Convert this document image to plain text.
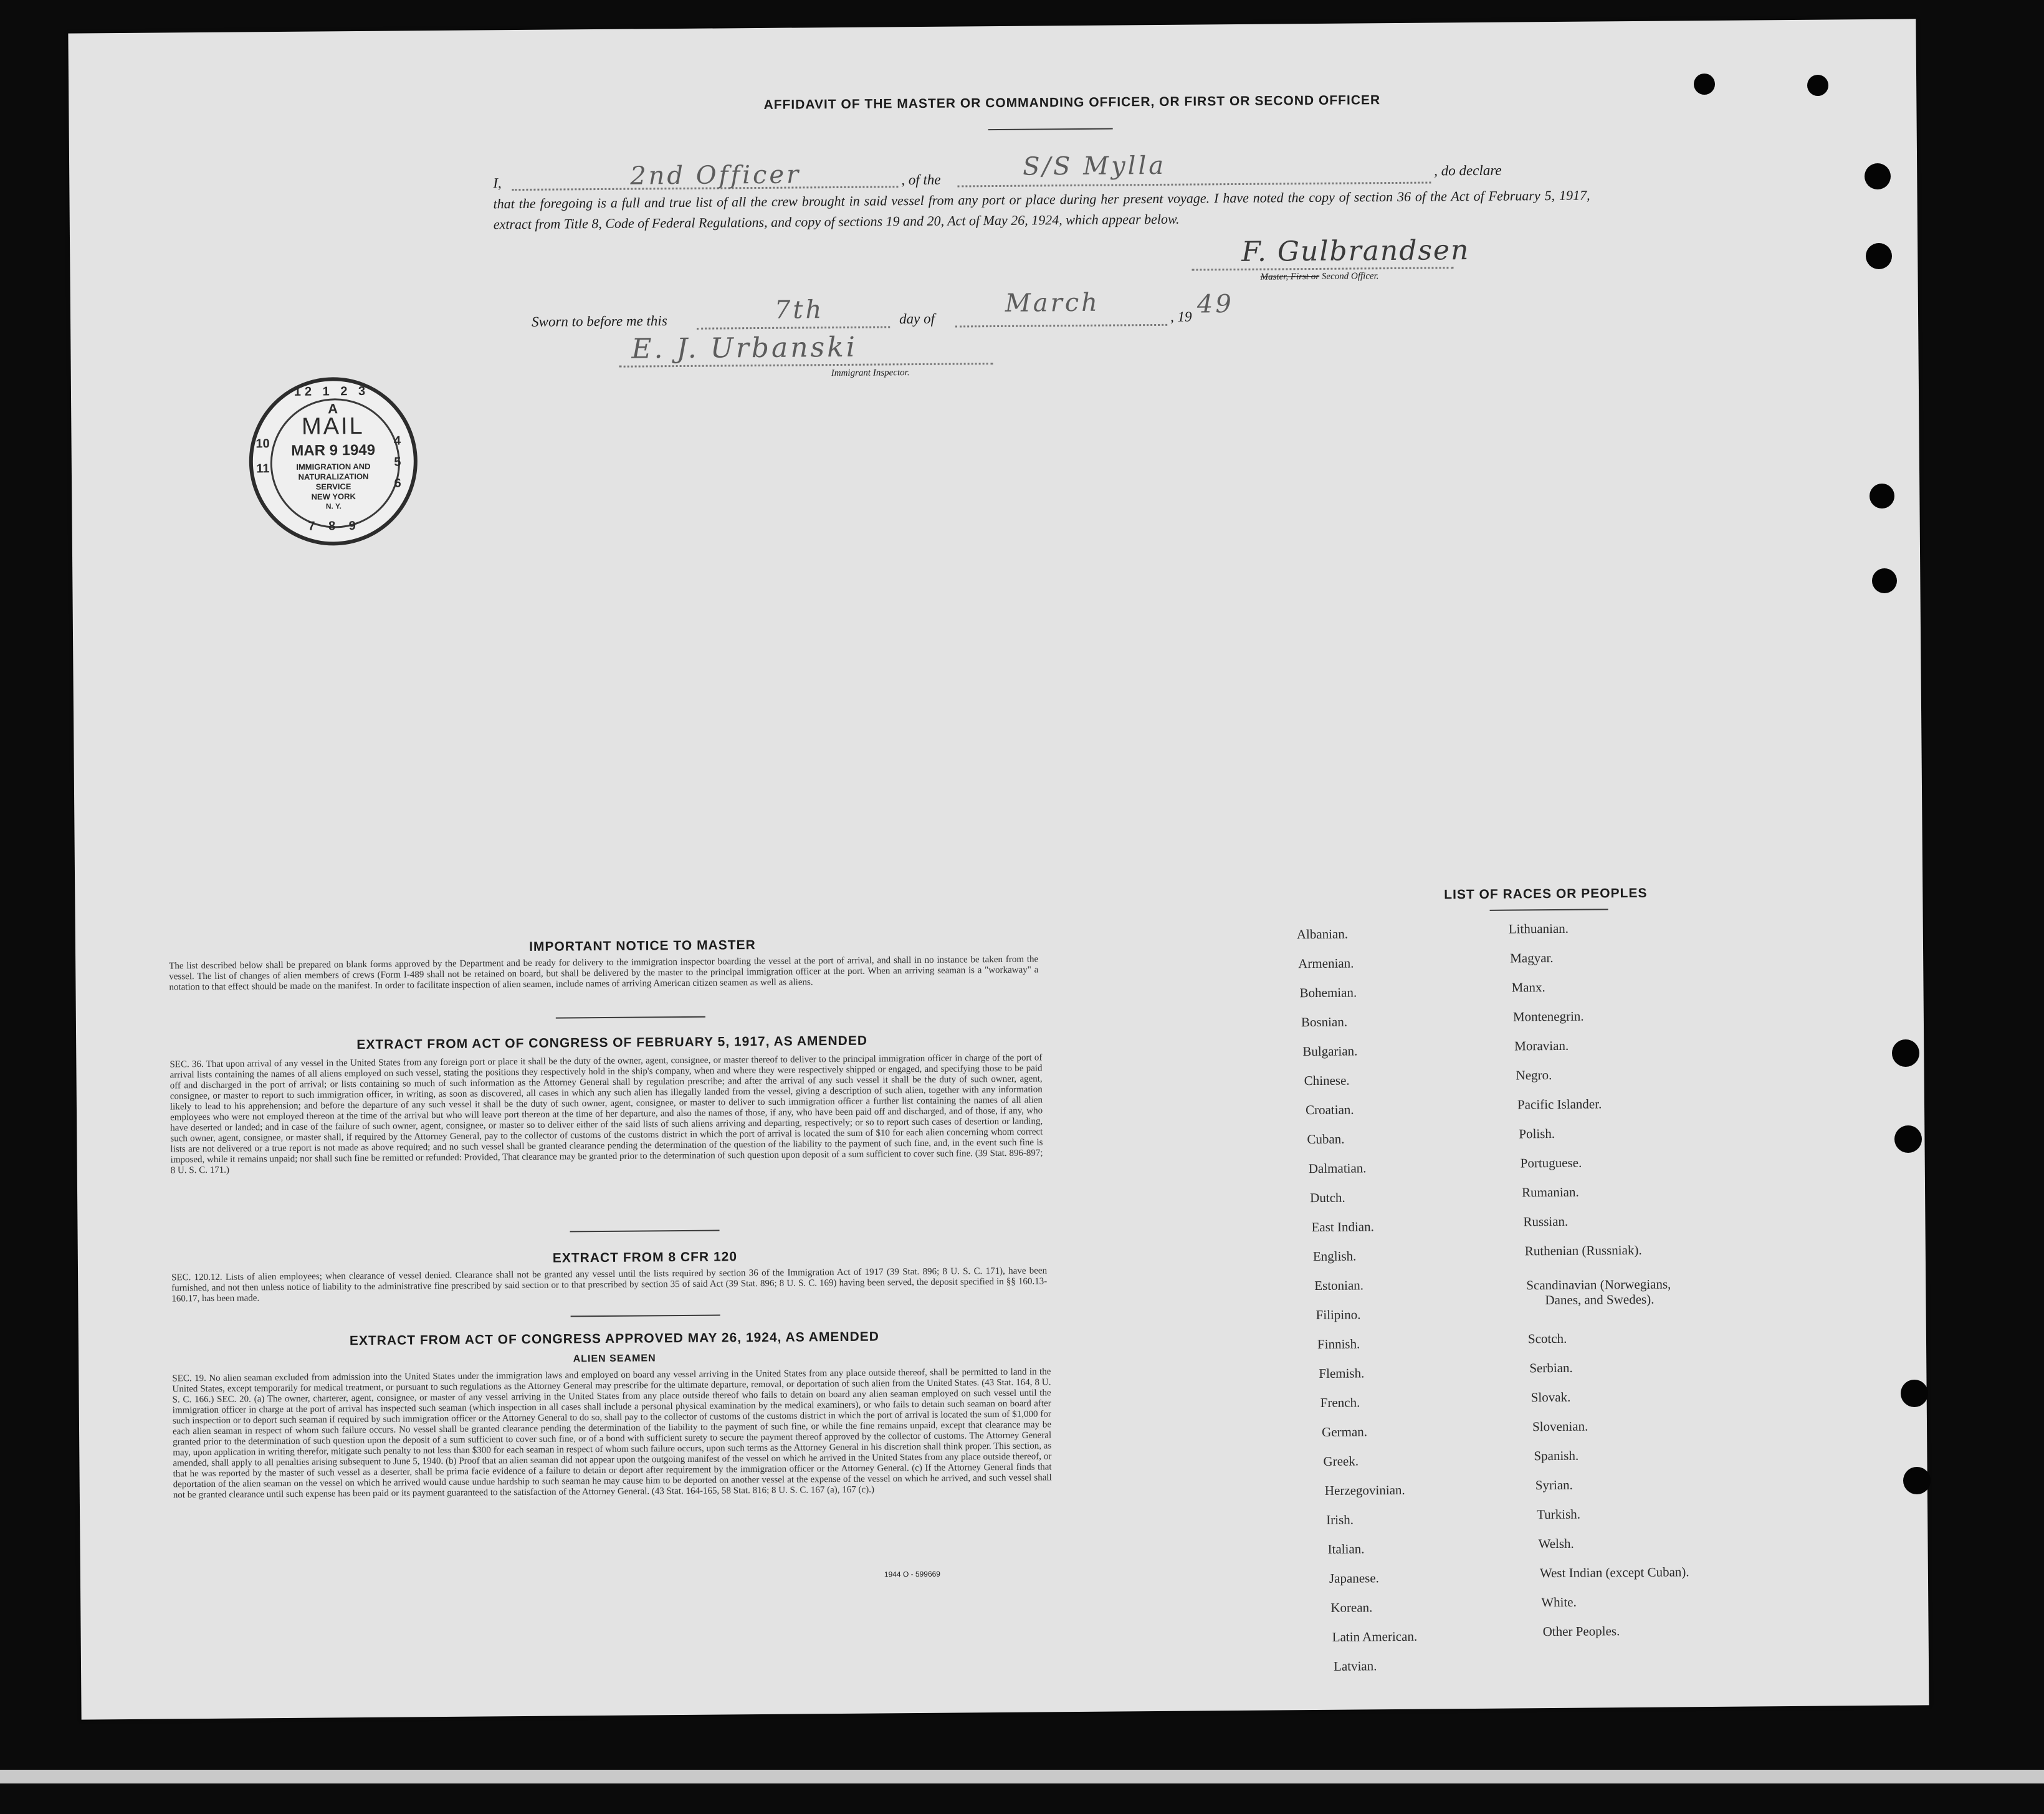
AFFIDAVIT OF THE MASTER OR COMMANDING OFFICER, OR FIRST OR SECOND OFFICER
I,	2nd Officer	, of the	S/S Mylla	, do declare
that the foregoing is a full and true list of all the crew brought in said vessel from any port or place during her present voyage. I have noted the copy of section 36 of the Act of February 5, 1917, extract from Title 8, Code of Federal Regulations, and copy of sections 19 and 20, Act of May 26, 1924, which appear below.
F. Gulbrandsen
Master, First or Second Officer.
Sworn to before me this	7th	day of
March	, 19 49
E. J. Urbanski
Immigrant Inspector.
12 1 2 3
4 5 6
7 8 9
10 11
A
MAIL
MAR 9 1949
IMMIGRATION AND
NATURALIZATION
SERVICE
NEW YORK
N. Y.
IMPORTANT NOTICE TO MASTER
The list described below shall be prepared on blank forms approved by the Department and be ready for delivery to the immigration inspector boarding the vessel at the port of arrival, and shall in no instance be taken from the vessel. The list of changes of alien members of crews (Form I-489 shall not be retained on board, but shall be delivered by the master to the principal immigration officer at the port. When an arriving seaman is a "workaway" a notation to that effect should be made on the manifest. In order to facilitate inspection of alien seamen, include names of arriving American citizen seamen as well as aliens.
EXTRACT FROM ACT OF CONGRESS OF FEBRUARY 5, 1917, AS AMENDED
SEC. 36. That upon arrival of any vessel in the United States from any foreign port or place it shall be the duty of the owner, agent, consignee, or master thereof to deliver to the principal immigration officer in charge of the port of arrival lists containing the names of all aliens employed on such vessel, stating the positions they respectively hold in the ship's company, when and where they were respectively shipped or engaged, and specifying those to be paid off and discharged in the port of arrival; or lists containing so much of such information as the Attorney General shall by regulation prescribe; and after the arrival of any such vessel it shall be the duty of such owner, agent, consignee, or master to report to such immigration officer, in writing, as soon as discovered, all cases in which any such alien has illegally landed from the vessel, giving a description of such alien, together with any information likely to lead to his apprehension; and before the departure of any such vessel it shall be the duty of such owner, agent, consignee, or master to deliver to such immigration officer a further list containing the names of all alien employees who were not employed thereon at the time of the arrival but who will leave port thereon at the time of her departure, and also the names of those, if any, who have been paid off and discharged, and of those, if any, who have deserted or landed; and in case of the failure of such owner, agent, consignee, or master so to deliver either of the said lists of such aliens arriving and departing, respectively; or so to report such cases of desertion or landing, such owner, agent, consignee, or master shall, if required by the Attorney General, pay to the collector of customs of the customs district in which the port of arrival is located the sum of $10 for each alien concerning whom correct lists are not delivered or a true report is not made as above required; and no such vessel shall be granted clearance pending the determination of the question of the liability to the payment of such fine, and, in the event such fine is imposed, while it remains unpaid; nor shall such fine be remitted or refunded: Provided, That clearance may be granted prior to the determination of such question upon deposit of a sum sufficient to cover such fine. (39 Stat. 896-897; 8 U. S. C. 171.)
EXTRACT FROM 8 CFR 120
SEC. 120.12. Lists of alien employees; when clearance of vessel denied. Clearance shall not be granted any vessel until the lists required by section 36 of the Immigration Act of 1917 (39 Stat. 896; 8 U. S. C. 171), have been furnished, and not then unless notice of liability to the administrative fine prescribed by said section or to that prescribed by section 35 of said Act (39 Stat. 896; 8 U. S. C. 169) having been served, the deposit specified in §§ 160.13-160.17, has been made.
EXTRACT FROM ACT OF CONGRESS APPROVED MAY 26, 1924, AS AMENDED
ALIEN SEAMEN
SEC. 19. No alien seaman excluded from admission into the United States under the immigration laws and employed on board any vessel arriving in the United States from any place outside thereof, shall be permitted to land in the United States, except temporarily for medical treatment, or pursuant to such regulations as the Attorney General may prescribe for the ultimate departure, removal, or deportation of such alien from the United States. (43 Stat. 164, 8 U. S. C. 166.) SEC. 20. (a) The owner, charterer, agent, consignee, or master of any vessel arriving in the United States from any place outside thereof who fails to detain on board any alien seaman employed on such vessel until the immigration officer in charge at the port of arrival has inspected such seaman (which inspection in all cases shall include a personal physical examination by the medical examiners), or who fails to detain such seaman on board after such inspection or to deport such seaman if required by such immigration officer or the Attorney General to do so, shall pay to the collector of customs of the customs district in which the port of arrival is located the sum of $1,000 for each alien seaman in respect of whom such failure occurs. No vessel shall be granted clearance pending the determination of the liability to the payment of such fine, or while the fine remains unpaid, except that clearance may be granted prior to the determination of such question upon the deposit of a sum sufficient to cover such fine, or of a bond with sufficient surety to secure the payment thereof approved by the collector of customs. The Attorney General may, upon application in writing therefor, mitigate such penalty to not less than $300 for each seaman in respect of whom such failure occurs, upon such terms as the Attorney General in his discretion shall think proper. This section, as amended, shall apply to all penalties arising subsequent to June 5, 1940. (b) Proof that an alien seaman did not appear upon the outgoing manifest of the vessel on which he arrived in the United States from any place outside thereof, or that he was reported by the master of such vessel as a deserter, shall be prima facie evidence of a failure to detain or deport after requirement by the immigration officer or the Attorney General. (c) If the Attorney General finds that deportation of the alien seaman on the vessel on which he arrived would cause undue hardship to such seaman he may cause him to be deported on another vessel at the expense of the vessel on which he arrived, and such vessel shall not be granted clearance until such expense has been paid or its payment guaranteed to the satisfaction of the Attorney General. (43 Stat. 164-165, 58 Stat. 816; 8 U. S. C. 167 (a), 167 (c).)
1944 O - 599669
LIST OF RACES OR PEOPLES
Albanian.
Armenian.
Bohemian.
Bosnian.
Bulgarian.
Chinese.
Croatian.
Cuban.
Dalmatian.
Dutch.
East Indian.
English.
Estonian.
Filipino.
Finnish.
Flemish.
French.
German.
Greek.
Herzegovinian.
Irish.
Italian.
Japanese.
Korean.
Latin American.
Latvian.
Lithuanian.
Magyar.
Manx.
Montenegrin.
Moravian.
Negro.
Pacific Islander.
Polish.
Portuguese.
Rumanian.
Russian.
Ruthenian (Russniak).
Scandinavian (Norwegians,
Danes, and Swedes).
Scotch.
Serbian.
Slovak.
Slovenian.
Spanish.
Syrian.
Turkish.
Welsh.
West Indian (except Cuban).
White.
Other Peoples.
